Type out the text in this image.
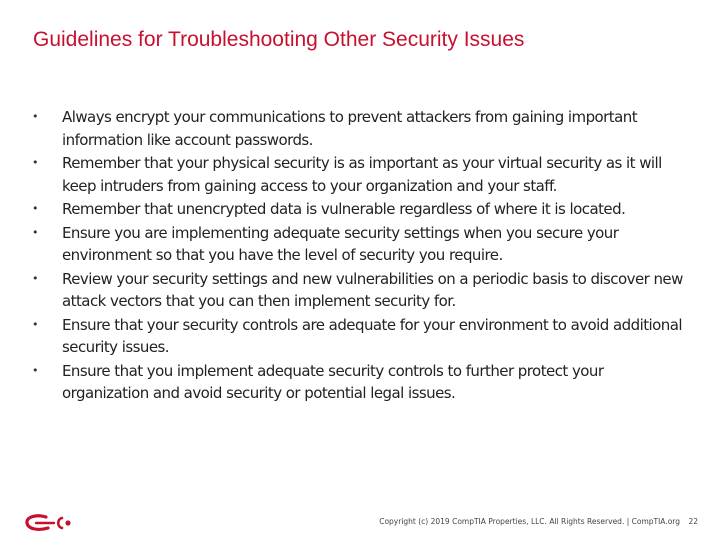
Guidelines for Troubleshooting Other Security Issues
• Always encrypt your communications to prevent attackers from gaining important information like account passwords.
• Remember that your physical security is as important as your virtual security as it will keep intruders from gaining access to your organization and your staff.
• Remember that unencrypted data is vulnerable regardless of where it is located.
• Ensure you are implementing adequate security settings when you secure your environment so that you have the level of security you require.
• Review your security settings and new vulnerabilities on a periodic basis to discover new attack vectors that you can then implement security for.
• Ensure that your security controls are adequate for your environment to avoid additional security issues.
• Ensure that you implement adequate security controls to further protect your organization and avoid security or potential legal issues.
Copyright (c) 2019 CompTIA Properties, LLC. All Rights Reserved. | CompTIA.org 22
